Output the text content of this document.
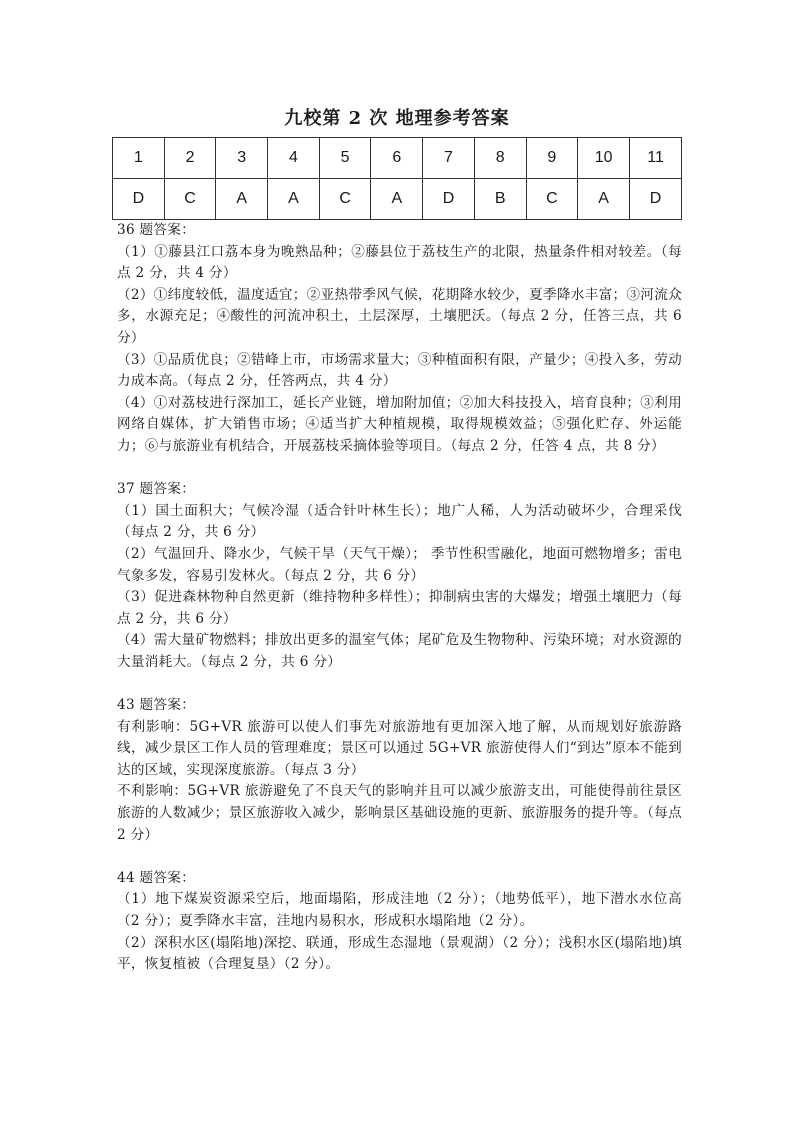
九校第 2 次 地理参考答案
1	2	3	4	5	6	7	8	9	10	11
D	C	A	A	C	A	D	B	C	A	D

36 题答案：

（1）①藤县江口荔本身为晚熟品种；②藤县位于荔枝生产的北限，热量条件相对较差。（每点 2 分，共 4 分）

（2）①纬度较低，温度适宜；②亚热带季风气候，花期降水较少，夏季降水丰富；③河流众多，水源充足；④酸性的河流冲积土，土层深厚，土壤肥沃。（每点 2 分，任答三点，共 6 分）

（3）①品质优良；②错峰上市，市场需求量大；③种植面积有限，产量少；④投入多，劳动力成本高。（每点 2 分，任答两点，共 4 分）

（4）①对荔枝进行深加工，延长产业链，增加附加值；②加大科技投入，培育良种；③利用网络自媒体，扩大销售市场；④适当扩大种植规模，取得规模效益；⑤强化贮存、外运能力；⑥与旅游业有机结合，开展荔枝采摘体验等项目。（每点 2 分，任答 4 点，共 8 分）

37 题答案：

（1）国土面积大；气候冷湿（适合针叶林生长）；地广人稀，人为活动破坏少，合理采伐（每点 2 分，共 6 分）

（2）气温回升、降水少，气候干旱（天气干燥）； 季节性积雪融化，地面可燃物增多；雷电气象多发，容易引发林火。（每点 2 分，共 6 分）

（3）促进森林物种自然更新（维持物种多样性）；抑制病虫害的大爆发；增强土壤肥力（每点 2 分，共 6 分）

（4）需大量矿物燃料；排放出更多的温室气体；尾矿危及生物物种、污染环境；对水资源的大量消耗大。（每点 2 分，共 6 分）

43 题答案：

有利影响：5G+VR 旅游可以使人们事先对旅游地有更加深入地了解，从而规划好旅游路线，减少景区工作人员的管理难度；景区可以通过 5G+VR 旅游使得人们“到达”原本不能到达的区域，实现深度旅游。（每点 3 分）

不利影响：5G+VR 旅游避免了不良天气的影响并且可以减少旅游支出，可能使得前往景区旅游的人数减少；景区旅游收入减少，影响景区基础设施的更新、旅游服务的提升等。（每点 2 分）

44 题答案：

（1）地下煤炭资源采空后，地面塌陷，形成洼地（2 分）；（地势低平），地下潜水水位高（2 分）；夏季降水丰富，洼地内易积水，形成积水塌陷地（2 分）。

（2）深积水区(塌陷地)深挖、联通，形成生态湿地（景观湖）（2 分）；浅积水区(塌陷地)填平，恢复植被（合理复垦）（2 分）。
